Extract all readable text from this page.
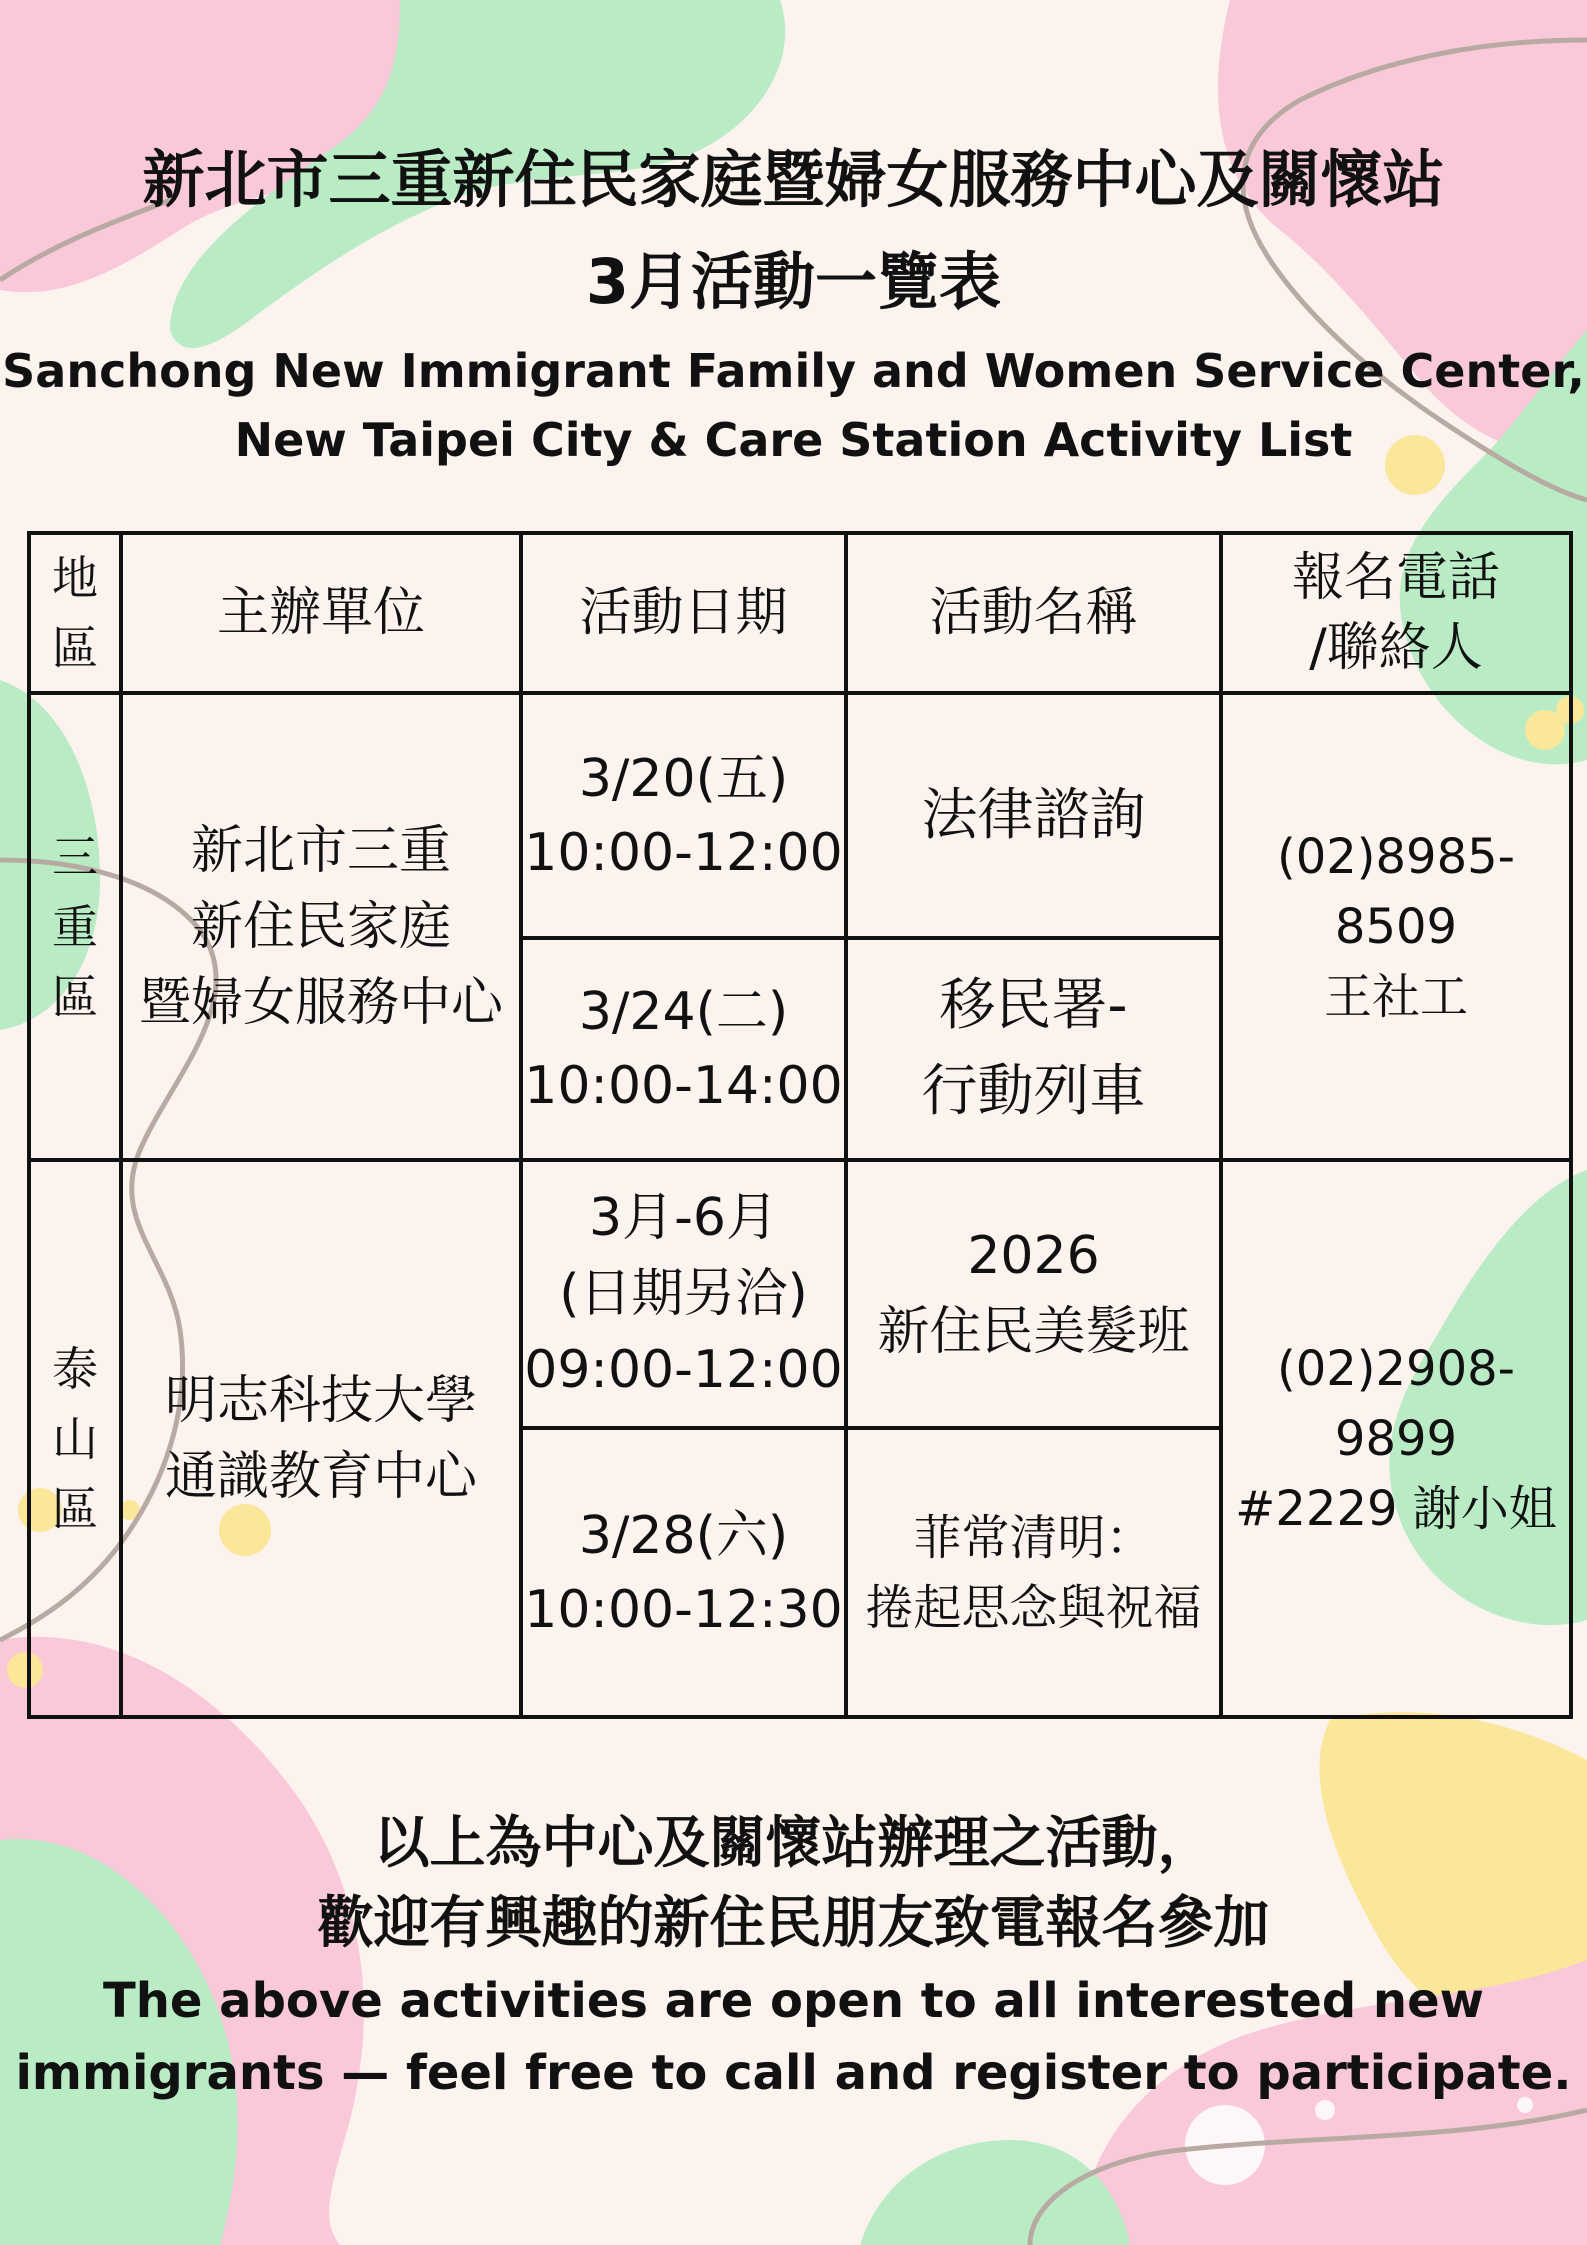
新北市三重新住民家庭暨婦女服務中心及關懷站
3月活動一覽表
Sanchong New Immigrant Family and Women Service Center,
New Taipei City & Care Station Activity List
地
區	主辦單位	活動日期	活動名稱	報名電話
/聯絡人
三
重
區	新北市三重
新住民家庭
暨婦女服務中心	3/20(五)
10:00-12:00	法律諮詢	(02)8985-8509
王社工
		3/24(二)
10:00-14:00	移民署-
行動列車	
泰
山
區	明志科技大學
通識教育中心	3月-6月
(日期另洽)
09:00-12:00	2026
新住民美髮班	(02)2908-9899
#2229 謝小姐
		3/28(六)
10:00-12:30	菲常清明：
捲起思念與祝福	
以上為中心及關懷站辦理之活動，
歡迎有興趣的新住民朋友致電報名參加
The above activities are open to all interested new
immigrants — feel free to call and register to participate.
